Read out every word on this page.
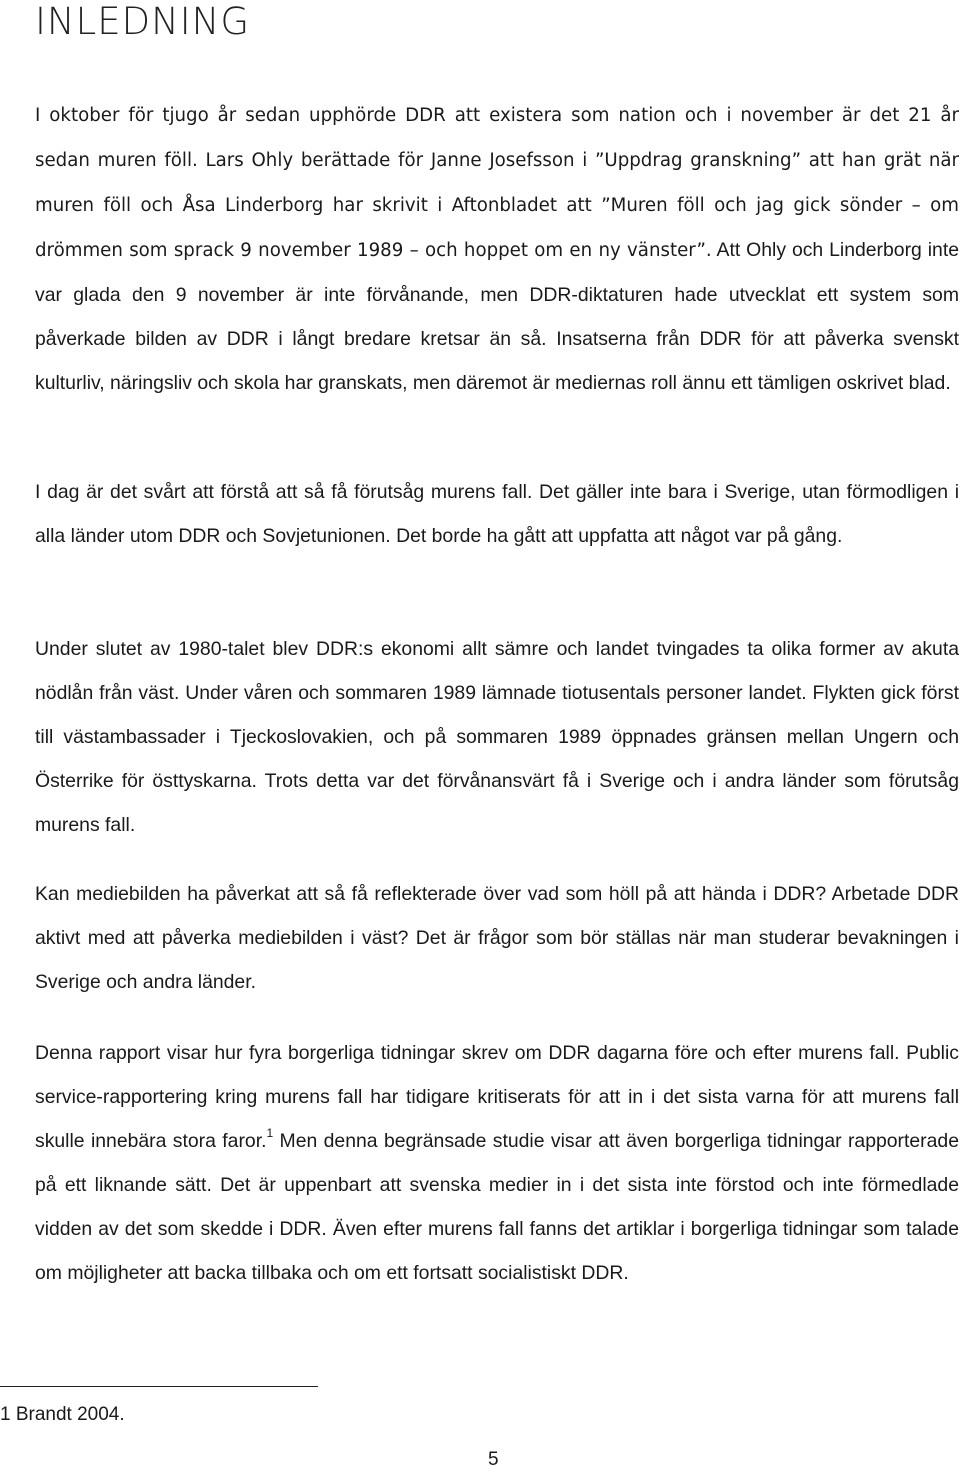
INLEDNING

I oktober för tjugo år sedan upphörde DDR att existera som nation och i november är det 21 år sedan muren föll. Lars Ohly berättade för Janne Josefsson i ”Uppdrag granskning” att han grät när muren föll och Åsa Linderborg har skrivit i Aftonbladet att ”Muren föll och jag gick sönder – om drömmen som sprack 9 november 1989 – och hoppet om en ny vänster”. Att Ohly och Linderborg inte var glada den 9 november är inte förvånande, men DDR-diktaturen hade utvecklat ett system som påverkade bilden av DDR i långt bredare kretsar än så. Insatserna från DDR för att påverka svenskt kulturliv, näringsliv och skola har granskats, men däremot är mediernas roll ännu ett tämligen oskrivet blad.

I dag är det svårt att förstå att så få förutsåg murens fall. Det gäller inte bara i Sverige, utan förmodligen i alla länder utom DDR och Sovjetunionen. Det borde ha gått att uppfatta att något var på gång.

Under slutet av 1980-talet blev DDR:s ekonomi allt sämre och landet tvingades ta olika former av akuta nödlån från väst. Under våren och sommaren 1989 lämnade tiotusentals personer landet. Flykten gick först till västambassader i Tjeckoslovakien, och på sommaren 1989 öppnades gränsen mellan Ungern och Österrike för östtyskarna. Trots detta var det förvånansvärt få i Sverige och i andra länder som förutsåg murens fall.

Kan mediebilden ha påverkat att så få reflekterade över vad som höll på att hända i DDR? Arbetade DDR aktivt med att påverka mediebilden i väst? Det är frågor som bör ställas när man studerar bevakningen i Sverige och andra länder.

Denna rapport visar hur fyra borgerliga tidningar skrev om DDR dagarna före och efter murens fall. Public service-rapportering kring murens fall har tidigare kritiserats för att in i det sista varna för att murens fall skulle innebära stora faror.$^1$ Men denna begränsade studie visar att även borgerliga tidningar rapporterade på ett liknande sätt. Det är uppenbart att svenska medier in i det sista inte förstod och inte förmedlade vidden av det som skedde i DDR. Även efter murens fall fanns det artiklar i borgerliga tidningar som talade om möjligheter att backa tillbaka och om ett fortsatt socialistiskt DDR.

1 Brandt 2004.

5
